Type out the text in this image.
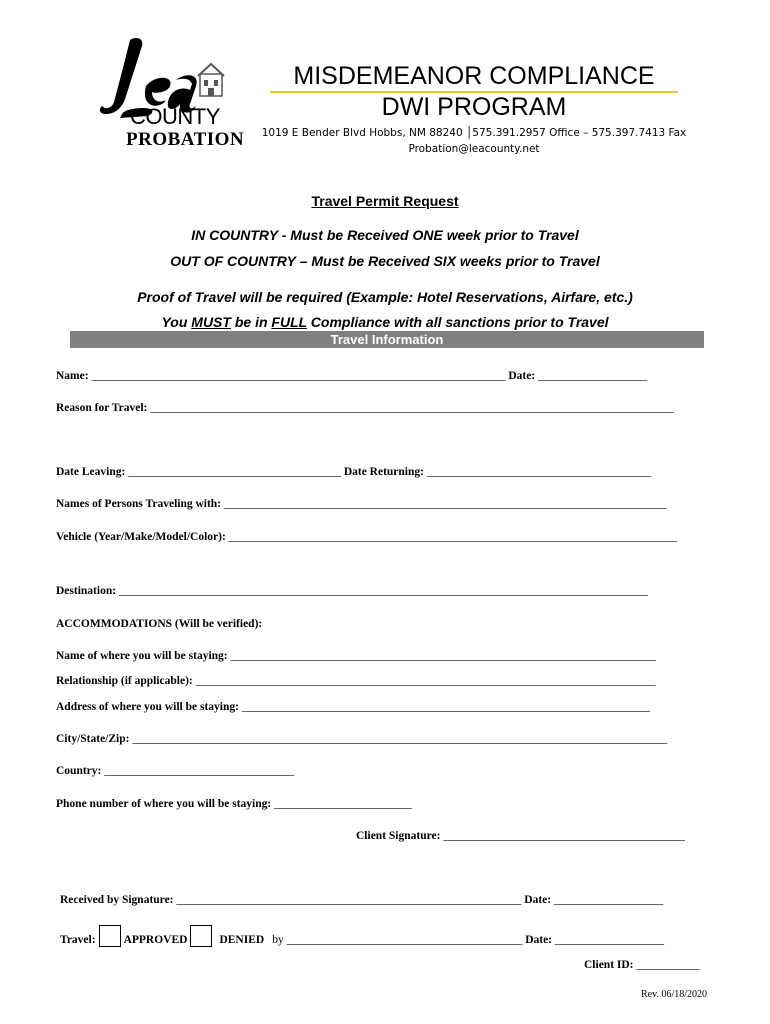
COUNTY
PROBATION
MISDEMEANOR COMPLIANCE
DWI PROGRAM
1019 E Bender Blvd Hobbs, NM 88240 │575.391.2957 Office – 575.397.7413 Fax
Probation@leacounty.net
Travel Permit Request
IN COUNTRY - Must be Received ONE week prior to Travel
OUT OF COUNTRY – Must be Received SIX weeks prior to Travel
Proof of Travel will be required (Example: Hotel Reservations, Airfare, etc.)
You MUST be in FULL Compliance with all sanctions prior to Travel
Travel Information
Name: ________________________________________________________________________ Date: ___________________
Reason for Travel: ___________________________________________________________________________________________
Date Leaving: _____________________________________ Date Returning: _______________________________________
Names of Persons Traveling with: _____________________________________________________________________________
Vehicle (Year/Make/Model/Color): ______________________________________________________________________________
Destination: ____________________________________________________________________________________________
ACCOMMODATIONS (Will be verified):
Name of where you will be staying: __________________________________________________________________________
Relationship (if applicable): ________________________________________________________________________________
Address of where you will be staying: _______________________________________________________________________
City/State/Zip: _____________________________________________________________________________________________
Country: _________________________________
Phone number of where you will be staying: ________________________
Client Signature: __________________________________________
Received by Signature: ____________________________________________________________ Date: ___________________
Travel: APPROVED	DENIED by _________________________________________ Date: ___________________
Client ID: ___________
Rev. 06/18/2020
